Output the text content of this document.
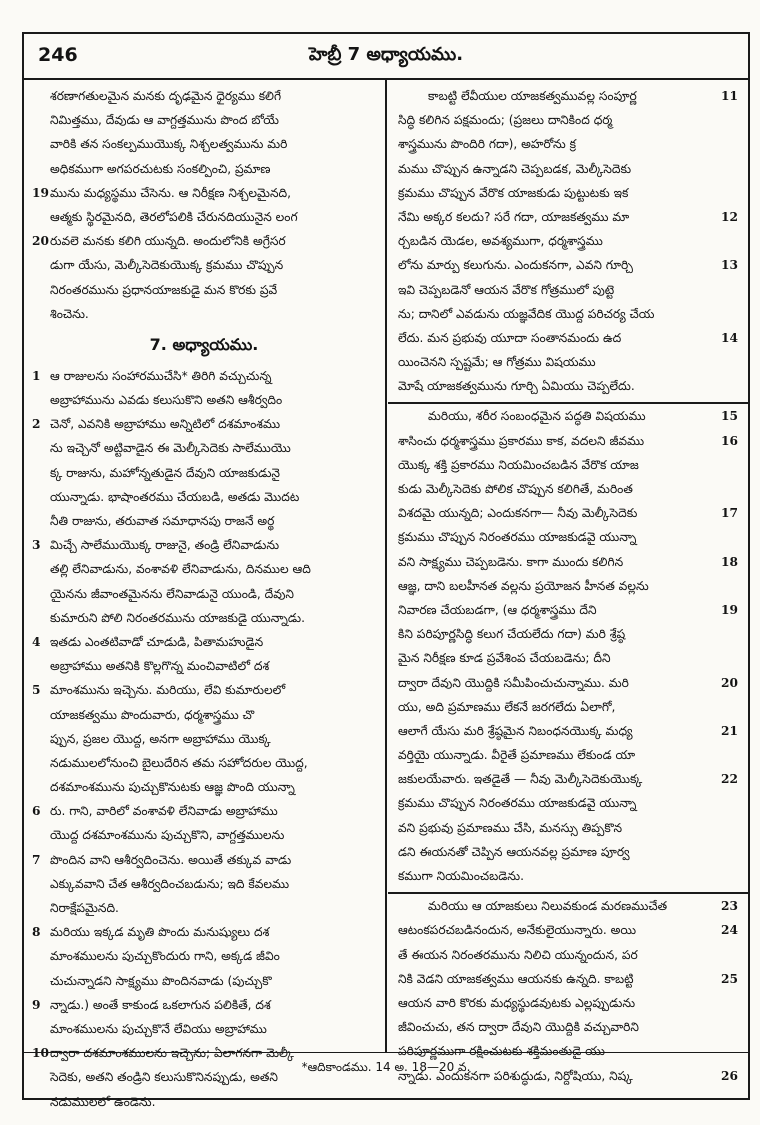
246	హెబ్రీ 7 అధ్యాయము.
శరణాగతులమైన మనకు దృఢమైన ధైర్యము కలిగే
నిమిత్తము, దేవుడు ఆ వాగ్దత్తమును పొంద బోయే
వారికి తన సంకల్పముయొక్క నిశ్చలత్వమును మరి
అధికముగా అగపరచుటకు సంకల్పించి, ప్రమాణ
19మును మధ్యస్థము చేసెను. ఆ నిరీక్షణ నిశ్చలమైనది,
ఆత్మకు స్థిరమైనది, తెరలోపలికి చేరునదియునైన లంగ
20రువలె మనకు కలిగి యున్నది. అందులోనికి అగ్రేసర
డుగా యేసు, మెల్కీసెదెకుయొక్క క్రమము చొప్పున
నిరంతరమును ప్రధానయాజకుడై మన కొరకు ప్రవే
శించెను.
7. అధ్యాయము.
1 ఆ రాజులను సంహారముచేసి* తిరిగి వచ్చుచున్న
అబ్రాహామును ఎవడు కలుసుకొని అతని ఆశీర్వదిం
2 చెనో, ఎవనికి అబ్రాహాము అన్నిటిలో దశమాంశము
ను ఇచ్చెనో అట్టివాడైన ఈ మెల్కీసెదెకు సాలేముయొ
క్క రాజును, మహోన్నతుడైన దేవుని యాజకుడునై
యున్నాడు. భాషాంతరము చేయబడి, అతడు మొదట
నీతి రాజును, తరువాత సమాధానపు రాజనే అర్థ
3 మిచ్చే సాలేముయొక్క రాజునై, తండ్రి లేనివాడును
తల్లి లేనివాడును, వంశావళి లేనివాడును, దినముల ఆది
యైనను జీవాంతమైనను లేనివాడునై యుండి, దేవుని
కుమారుని పోలి నిరంతరమును యాజకుడై యున్నాడు.
4 ఇతడు ఎంతటివాడో చూడుడి, పితామహుడైన
అబ్రాహాము అతనికి కొల్లగొన్న మంచివాటిలో దశ
5 మాంశమును ఇచ్చెను. మరియు, లేవి కుమారులలో
యాజకత్వము పొందువారు, ధర్మశాస్త్రము చొ
ప్పున, ప్రజల యొద్ద, అనగా అబ్రాహాము యొక్క
నడుములలోనుంచి బైలుదేరిన తమ సహోదరుల యొద్ద,
దశమాంశమును పుచ్చుకొనుటకు ఆజ్ఞ పొంది యున్నా
6 రు. గాని, వారిలో వంశావళి లేనివాడు అబ్రాహాము
యొద్ద దశమాంశమును పుచ్చుకొని, వాగ్దత్తములను
7 పొందిన వాని ఆశీర్వదించెను. అయితే తక్కువ వాడు
ఎక్కువవాని చేత ఆశీర్వదించబడును; ఇది కేవలము
నిరాక్షేపమైనది.
8 మరియు ఇక్కడ మృతి పొందు మనుష్యులు దశ
మాంశములను పుచ్చుకొందురు గాని, అక్కడ జీవిం
చుచున్నాడని సాక్ష్యము పొందినవాడు (పుచ్చుకొ
9 న్నాడు.) అంతే కాకుండ ఒకలాగున పలికితే, దశ
మాంశములను పుచ్చుకొనే లేవియు అబ్రాహాము
10ద్వారా దశమాంశములను ఇచ్చెను; ఏలాగనగా మెల్కీ
సెదెకు, అతని తండ్రిని కలుసుకొనినప్పుడు, అతని
నడుములలో ఉండెను.
కాబట్టి లేవీయుల యాజకత్వమువల్ల సంపూర్ణ	11
సిద్ధి కలిగిన పక్షమందు; (ప్రజలు దానికింద ధర్మ
శాస్త్రమును పొందిరి గదా), అహరోను క్ర
మము చొప్పున ఉన్నాడని చెప్పబడక, మెల్కీసెదెకు
క్రమము చొప్పున వేరొక యాజకుడు పుట్టుటకు ఇక
నేమి అక్కర కలదు? సరే గదా, యాజకత్వము మా	12
ర్చబడిన యెడల, అవశ్యముగా, ధర్మశాస్త్రము
లోను మార్పు కలుగును. ఎందుకనగా, ఎవని గూర్చి	13
ఇవి చెప్పబడెనో ఆయన వేరొక గోత్రములో పుట్టె
ను; దానిలో ఎవడును యజ్ఞవేదిక యొద్ద పరిచర్య చేయ
లేదు. మన ప్రభువు యూదా సంతానమందు ఉద	14
యించెనని స్పష్టమే; ఆ గోత్రము విషయము
మోషే యాజకత్వమును గూర్చి ఏమియు చెప్పలేదు.
మరియు, శరీర సంబంధమైన పద్ధతి విషయము	15
శాసించు ధర్మశాస్త్రము ప్రకారము కాక, వదలని జీవము	16
యొక్క శక్తి ప్రకారము నియమించబడిన వేరొక యాజ
కుడు మెల్కీసెదెకు పోలిక చొప్పున కలిగితే, మరింత
విశదమై యున్నది; ఎందుకనగా— నీవు మెల్కీసెదెకు	17
క్రమము చొప్పున నిరంతరము యాజకుడవై యున్నా
వని సాక్ష్యము చెప్పబడెను. కాగా ముందు కలిగిన	18
ఆజ్ఞ, దాని బలహీనత వల్లను ప్రయోజన హీనత వల్లను
నివారణ చేయబడగా, (ఆ ధర్మశాస్త్రము దేని	19
కిని పరిపూర్ణసిద్ధి కలుగ చేయలేదు గదా) మరి శ్రేష్ఠ
మైన నిరీక్షణ కూడ ప్రవేశింప చేయబడెను; దీని
ద్వారా దేవుని యొద్దికి సమీపించుచున్నాము. మరి	20
యు, అది ప్రమాణము లేకనే జరగలేదు ఏలాగో,
ఆలాగే యేసు మరి శ్రేష్ఠమైన నిబంధనయొక్క మధ్య	21
వర్తియై యున్నాడు. వీరైతే ప్రమాణము లేకుండ యా
జకులయేవారు. ఇతడైతే — నీవు మెల్కీసెదెకుయొక్క	22
క్రమము చొప్పున నిరంతరము యాజకుడవై యున్నా
వని ప్రభువు ప్రమాణము చేసి, మనస్సు తిప్పకొన
డని ఈయనతో చెప్పిన ఆయనవల్ల ప్రమాణ పూర్వ
కముగా నియమించబడెను.
మరియు ఆ యాజకులు నిలువకుండ మరణముచేత	23
ఆటంకపరచబడినందున, అనేకులైయున్నారు. అయి	24
తే ఈయన నిరంతరమును నిలిచి యున్నందున, పర
నికి వెడని యాజకత్వము ఆయనకు ఉన్నది. కాబట్టి	25
ఆయన వారి కొరకు మధ్యస్థుడవుటకు ఎల్లప్పుడును
జీవించుచు, తన ద్వారా దేవుని యొద్దికి వచ్చువారిని
పరిపూర్ణముగా రక్షించుటకు శక్తిమంతుడై యు
న్నాడు. ఎందుకనగా పరిశుద్ధుడు, నిర్దోషియు, నిష్క	26
*ఆదికాండము. 14 అ. 18—20 వ.
